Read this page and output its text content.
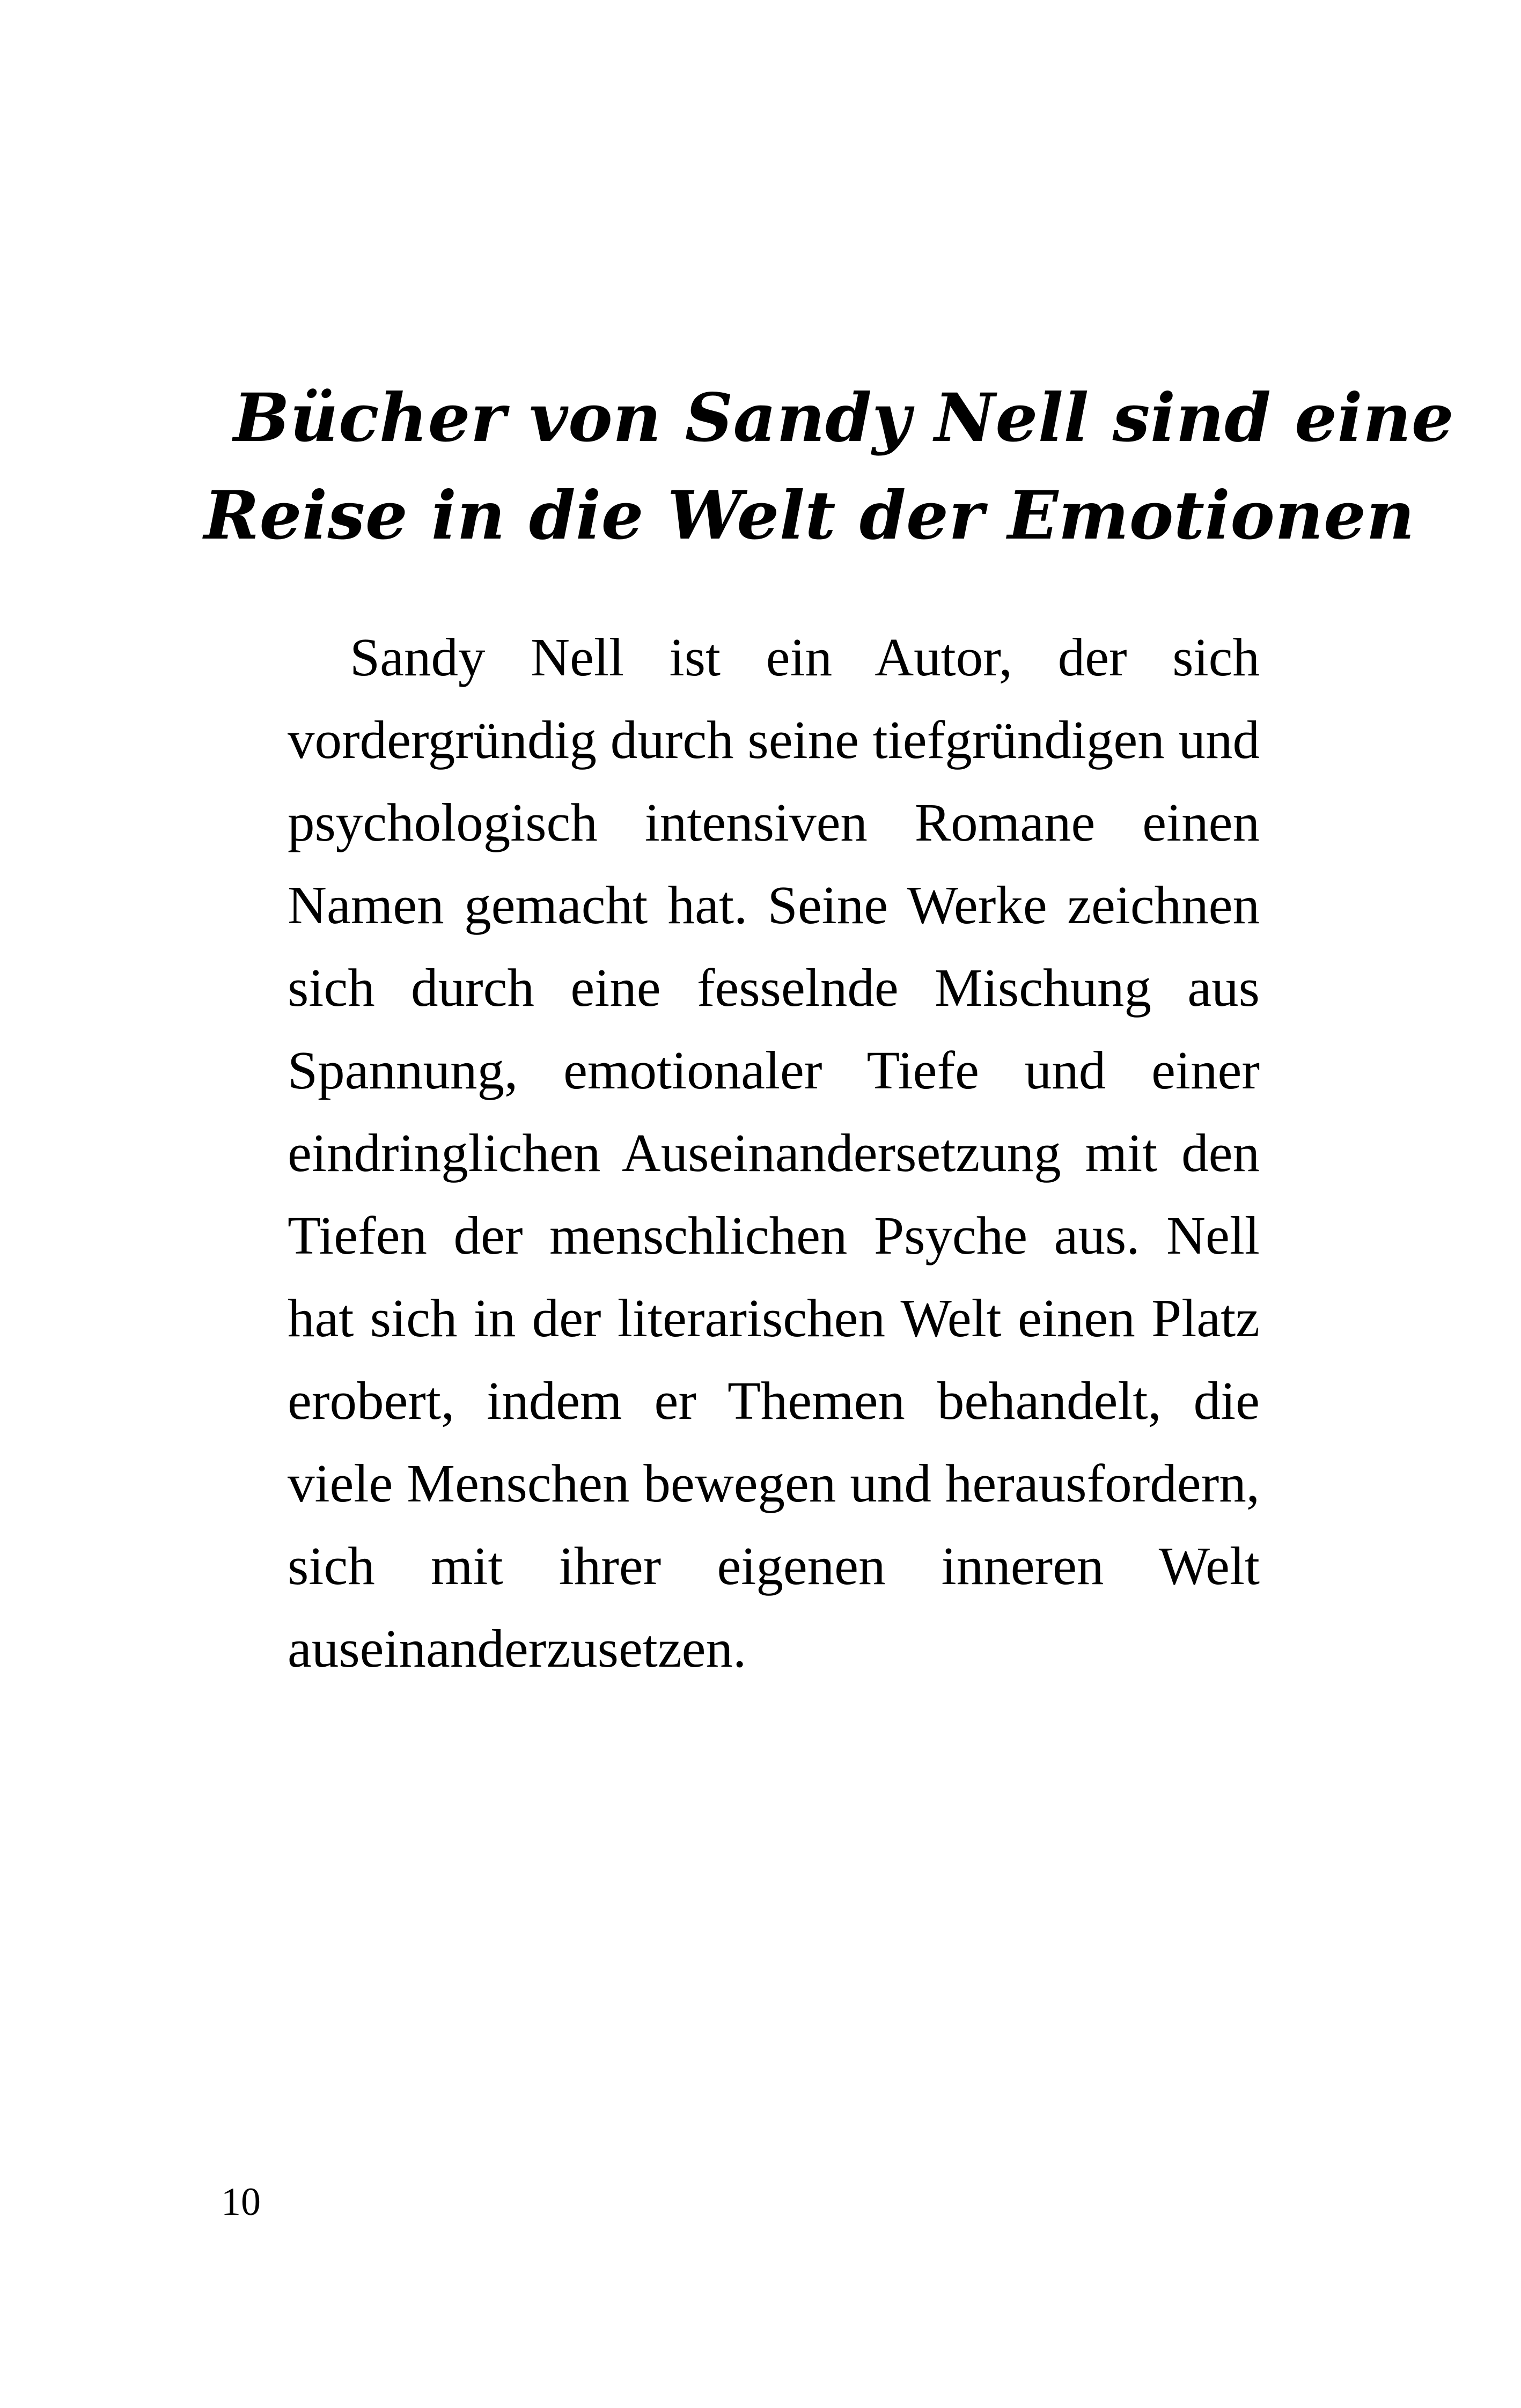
Bücher von Sandy Nell sind eine
Reise in die Welt der Emotionen

Sandy Nell ist ein Autor, der sich vordergründig durch seine tiefgründigen und psychologisch intensiven Romane einen Namen gemacht hat. Seine Werke zeichnen sich durch eine fesselnde Mischung aus Spannung, emotionaler Tiefe und einer eindringlichen Auseinandersetzung mit den Tiefen der menschlichen Psyche aus. Nell hat sich in der literarischen Welt einen Platz erobert, indem er Themen behandelt, die viele Menschen bewegen und herausfordern, sich mit ihrer eigenen inneren Welt auseinanderzusetzen.

10
